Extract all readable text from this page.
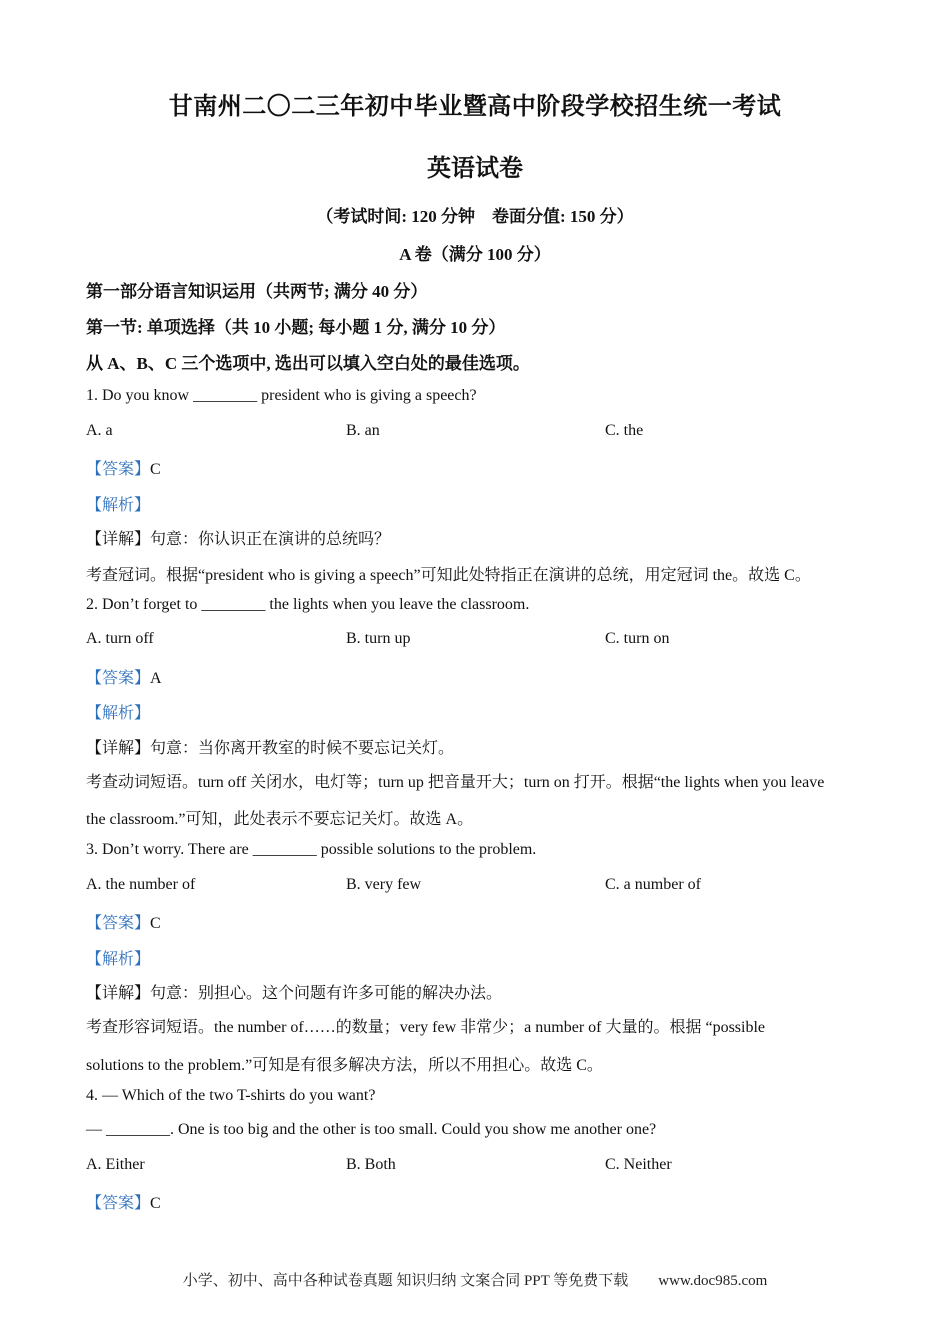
甘南州二〇二三年初中毕业暨高中阶段学校招生统一考试
英语试卷
（考试时间: 120 分钟　卷面分值: 150 分）
A 卷（满分 100 分）
第一部分语言知识运用（共两节; 满分 40 分）
第一节: 单项选择（共 10 小题; 每小题 1 分, 满分 10 分）
从 A、B、C 三个选项中, 选出可以填入空白处的最佳选项。
1. Do you know ________ president who is giving a speech?
A. a	B. an	C. the
【答案】C
【解析】
【详解】句意：你认识正在演讲的总统吗？
考查冠词。根据“president who is giving a speech”可知此处特指正在演讲的总统，用定冠词 the。故选 C。
2. Don’t forget to ________ the lights when you leave the classroom.
A. turn off	B. turn up	C. turn on
【答案】A
【解析】
【详解】句意：当你离开教室的时候不要忘记关灯。
考查动词短语。turn off 关闭水，电灯等；turn up 把音量开大；turn on 打开。根据“the lights when you leave
the classroom.”可知，此处表示不要忘记关灯。故选 A。
3. Don’t worry. There are ________ possible solutions to the problem.
A. the number of	B. very few	C. a number of
【答案】C
【解析】
【详解】句意：别担心。这个问题有许多可能的解决办法。
考查形容词短语。the number of……的数量；very few 非常少；a number of 大量的。根据 “possible
solutions to the problem.”可知是有很多解决方法，所以不用担心。故选 C。
4. — Which of the two T-shirts do you want?
— ________. One is too big and the other is too small. Could you show me another one?
A. Either	B. Both	C. Neither
【答案】C
小学、初中、高中各种试卷真题 知识归纳 文案合同 PPT 等免费下载　　www.doc985.com
